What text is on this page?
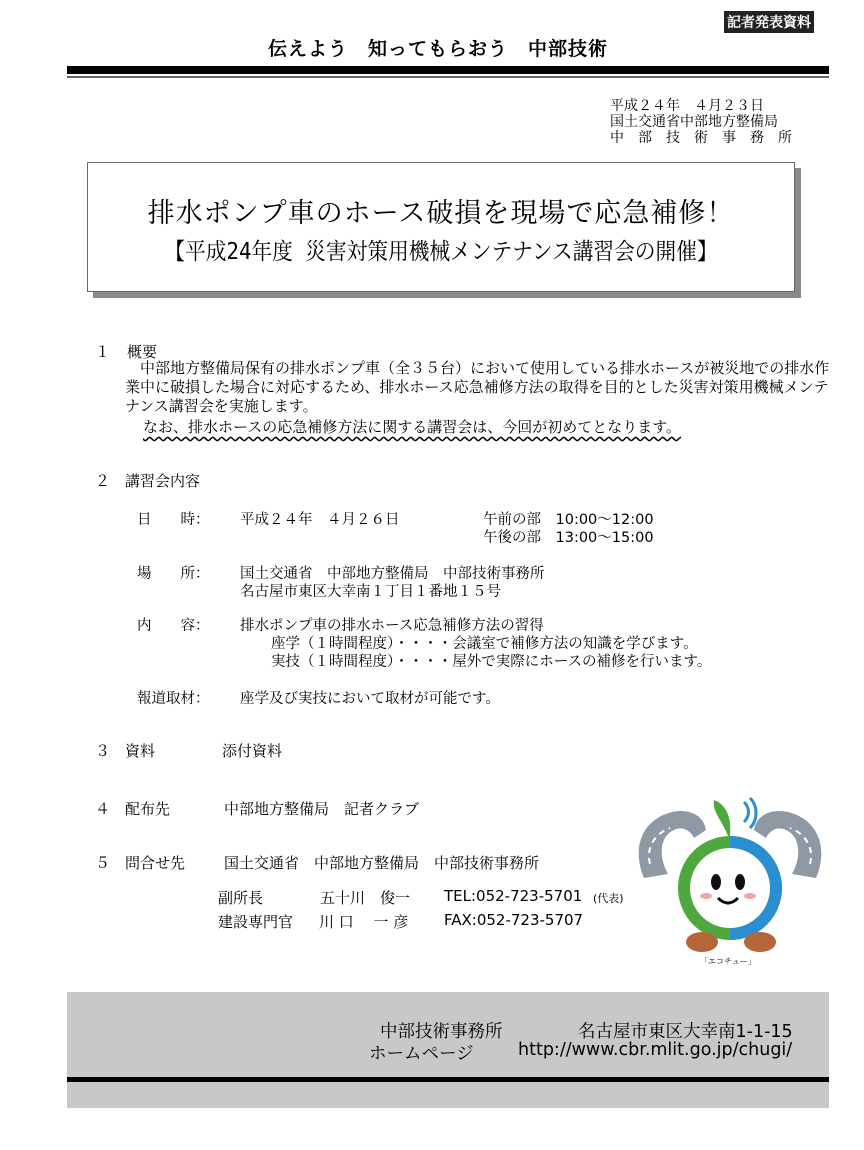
記者発表資料
伝えよう　知ってもらおう　中部技術
平成２４年　４月２３日
国土交通省中部地方整備局
中　部　技　術　事　務　所
排水ポンプ車のホース破損を現場で応急補修！
【平成24年度 災害対策用機械メンテナンス講習会の開催】
１ 概要
　中部地方整備局保有の排水ポンプ車（全３５台）において使用している排水ホースが被災地での排水作業中に破損した場合に対応するため、排水ホース応急補修方法の取得を目的とした災害対策用機械メンテナンス講習会を実施します。
なお、排水ホースの応急補修方法に関する講習会は、今回が初めてとなります。
２ 講習会内容
日　　時： 平成２４年　４月２６日	午前の部　10:00～12:00
午後の部　13:00～15:00
場　　所： 国土交通省　中部地方整備局　中部技術事務所
名古屋市東区大幸南１丁目１番地１５号
内　　容： 排水ポンプ車の排水ホース応急補修方法の習得
座学（１時間程度）・・・・会議室で補修方法の知識を学びます。
実技（１時間程度）・・・・屋外で実際にホースの補修を行います。
報道取材： 座学及び実技において取材が可能です。
３ 資料	添付資料
４ 配布先	中部地方整備局　記者クラブ
５ 問合せ先	国土交通省　中部地方整備局　中部技術事務所
副所長	五十川　俊一 TEL:052-723-5701 (代表)
建設専門官 川 口　 一 彦 FAX:052-723-5707
「エコチュー」
中部技術事務所	名古屋市東区大幸南1-1-15
ホームページ	http://www.cbr.mlit.go.jp/chugi/
